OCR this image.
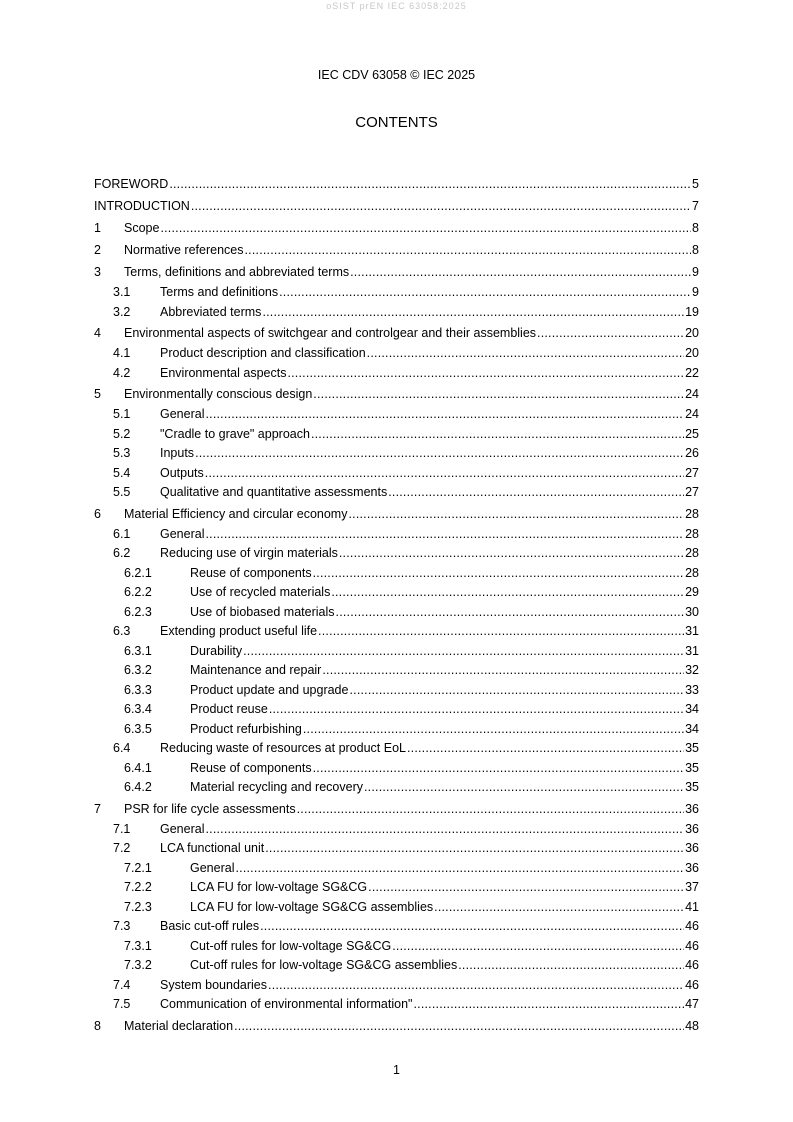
oSIST prEN IEC 63058:2025
IEC CDV 63058 © IEC 2025
CONTENTS
FOREWORD .....	5
INTRODUCTION .....	7
1	Scope .....	8
2	Normative references .....	8
3	Terms, definitions and abbreviated terms .....	9
3.1	Terms and definitions .....	9
3.2	Abbreviated terms .....	19
4	Environmental aspects of switchgear and controlgear and their assemblies .....	20
4.1	Product description and classification .....	20
4.2	Environmental aspects .....	22
5	Environmentally conscious design .....	24
5.1	General .....	24
5.2	"Cradle to grave" approach .....	25
5.3	Inputs .....	26
5.4	Outputs .....	27
5.5	Qualitative and quantitative assessments .....	27
6	Material Efficiency and circular economy .....	28
6.1	General .....	28
6.2	Reducing use of virgin materials .....	28
6.2.1	Reuse of components .....	28
6.2.2	Use of recycled materials .....	29
6.2.3	Use of biobased materials .....	30
6.3	Extending product useful life .....	31
6.3.1	Durability .....	31
6.3.2	Maintenance and repair .....	32
6.3.3	Product update and upgrade .....	33
6.3.4	Product reuse .....	34
6.3.5	Product refurbishing .....	34
6.4	Reducing waste of resources at product EoL .....	35
6.4.1	Reuse of components .....	35
6.4.2	Material recycling and recovery .....	35
7	PSR for life cycle assessments .....	36
7.1	General .....	36
7.2	LCA functional unit .....	36
7.2.1	General .....	36
7.2.2	LCA FU for low-voltage SG&CG .....	37
7.2.3	LCA FU for low-voltage SG&CG assemblies .....	41
7.3	Basic cut-off rules .....	46
7.3.1	Cut-off rules for low-voltage SG&CG .....	46
7.3.2	Cut-off rules for low-voltage SG&CG assemblies .....	46
7.4	System boundaries .....	46
7.5	Communication of environmental information" .....	47
8	Material declaration .....	48
1
